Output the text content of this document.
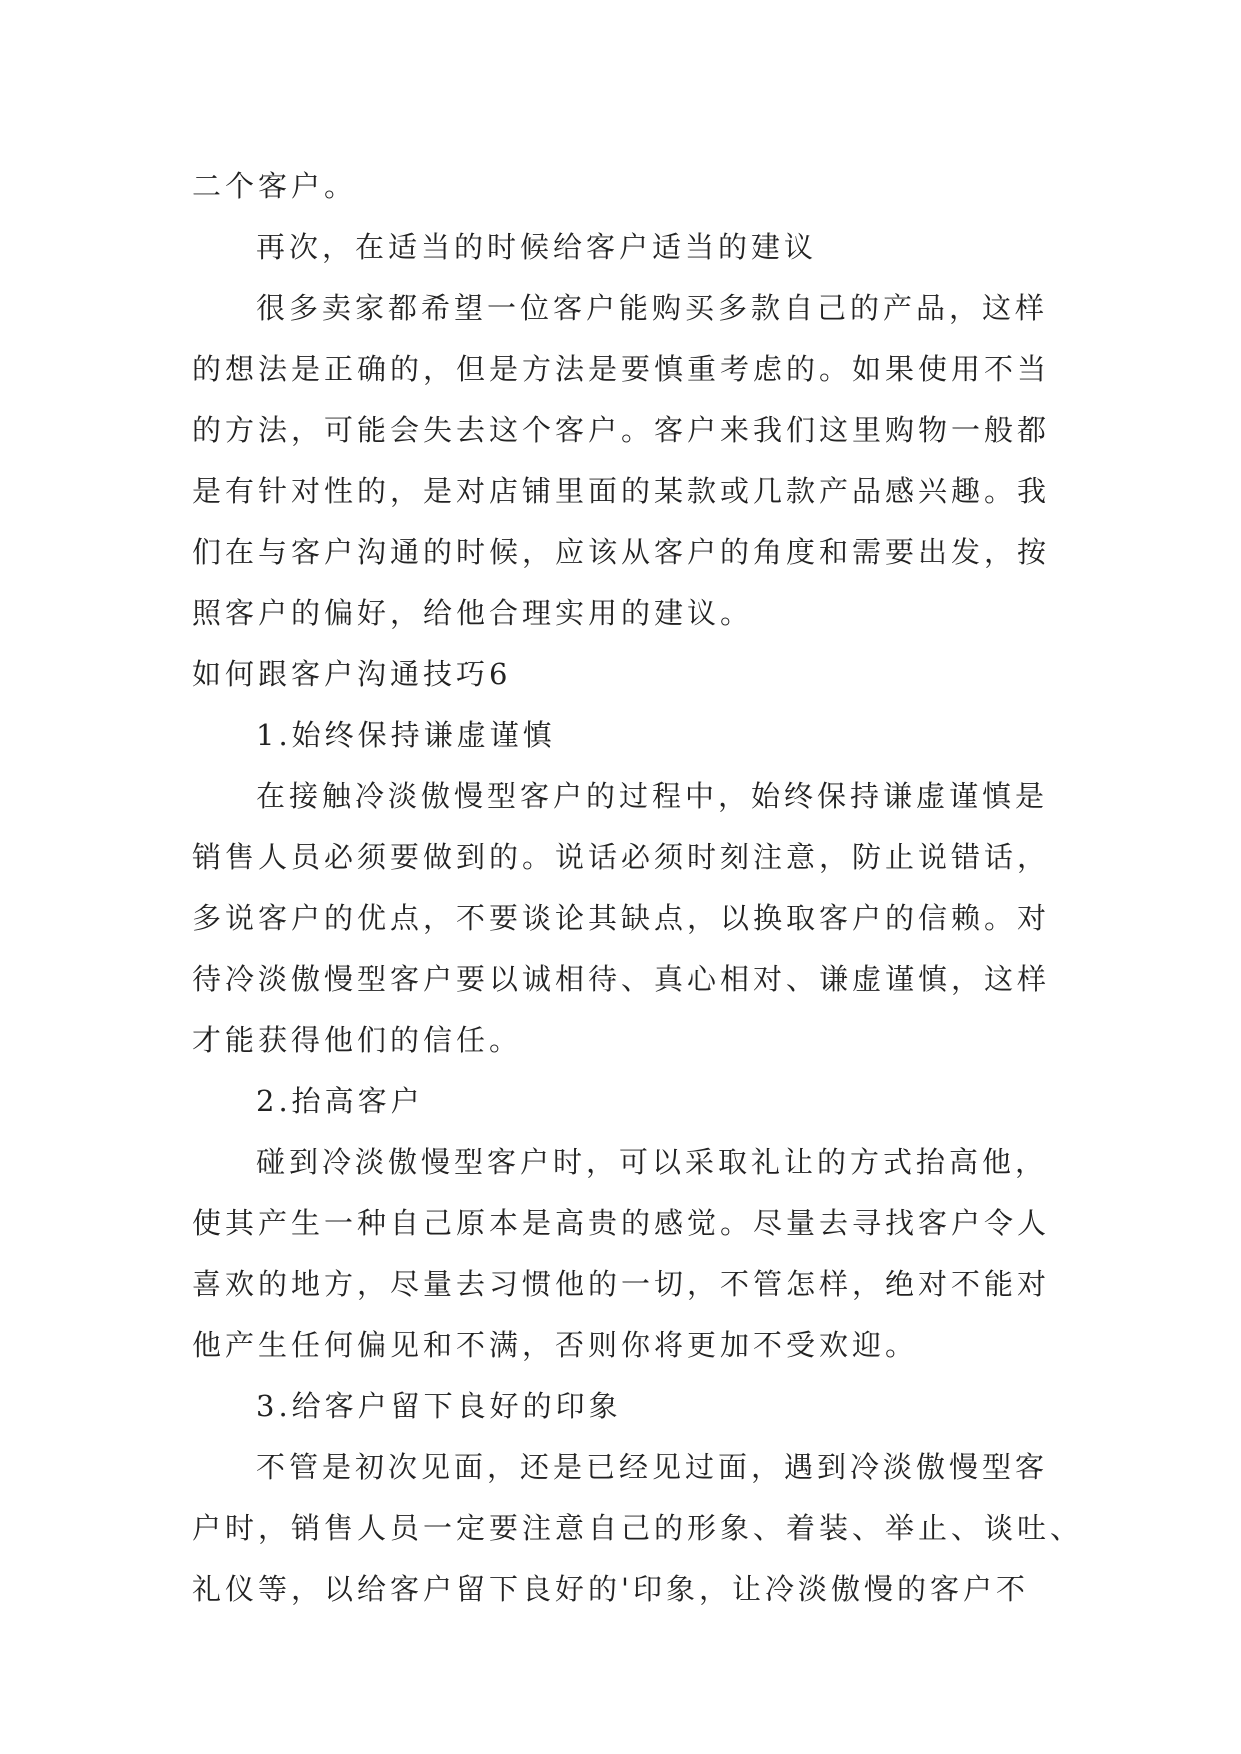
二个客户。
再次，在适当的时候给客户适当的建议
很多卖家都希望一位客户能购买多款自己的产品，这样
的想法是正确的，但是方法是要慎重考虑的。如果使用不当
的方法，可能会失去这个客户。客户来我们这里购物一般都
是有针对性的，是对店铺里面的某款或几款产品感兴趣。我
们在与客户沟通的时候，应该从客户的角度和需要出发，按
照客户的偏好，给他合理实用的建议。
如何跟客户沟通技巧6
1.始终保持谦虚谨慎
在接触冷淡傲慢型客户的过程中，始终保持谦虚谨慎是
销售人员必须要做到的。说话必须时刻注意，防止说错话，
多说客户的优点，不要谈论其缺点，以换取客户的信赖。对
待冷淡傲慢型客户要以诚相待、真心相对、谦虚谨慎，这样
才能获得他们的信任。
2.抬高客户
碰到冷淡傲慢型客户时，可以采取礼让的方式抬高他，
使其产生一种自己原本是高贵的感觉。尽量去寻找客户令人
喜欢的地方，尽量去习惯他的一切，不管怎样，绝对不能对
他产生任何偏见和不满，否则你将更加不受欢迎。
3.给客户留下良好的印象
不管是初次见面，还是已经见过面，遇到冷淡傲慢型客
户时，销售人员一定要注意自己的形象、着装、举止、谈吐、
礼仪等，以给客户留下良好的'印象，让冷淡傲慢的客户不
